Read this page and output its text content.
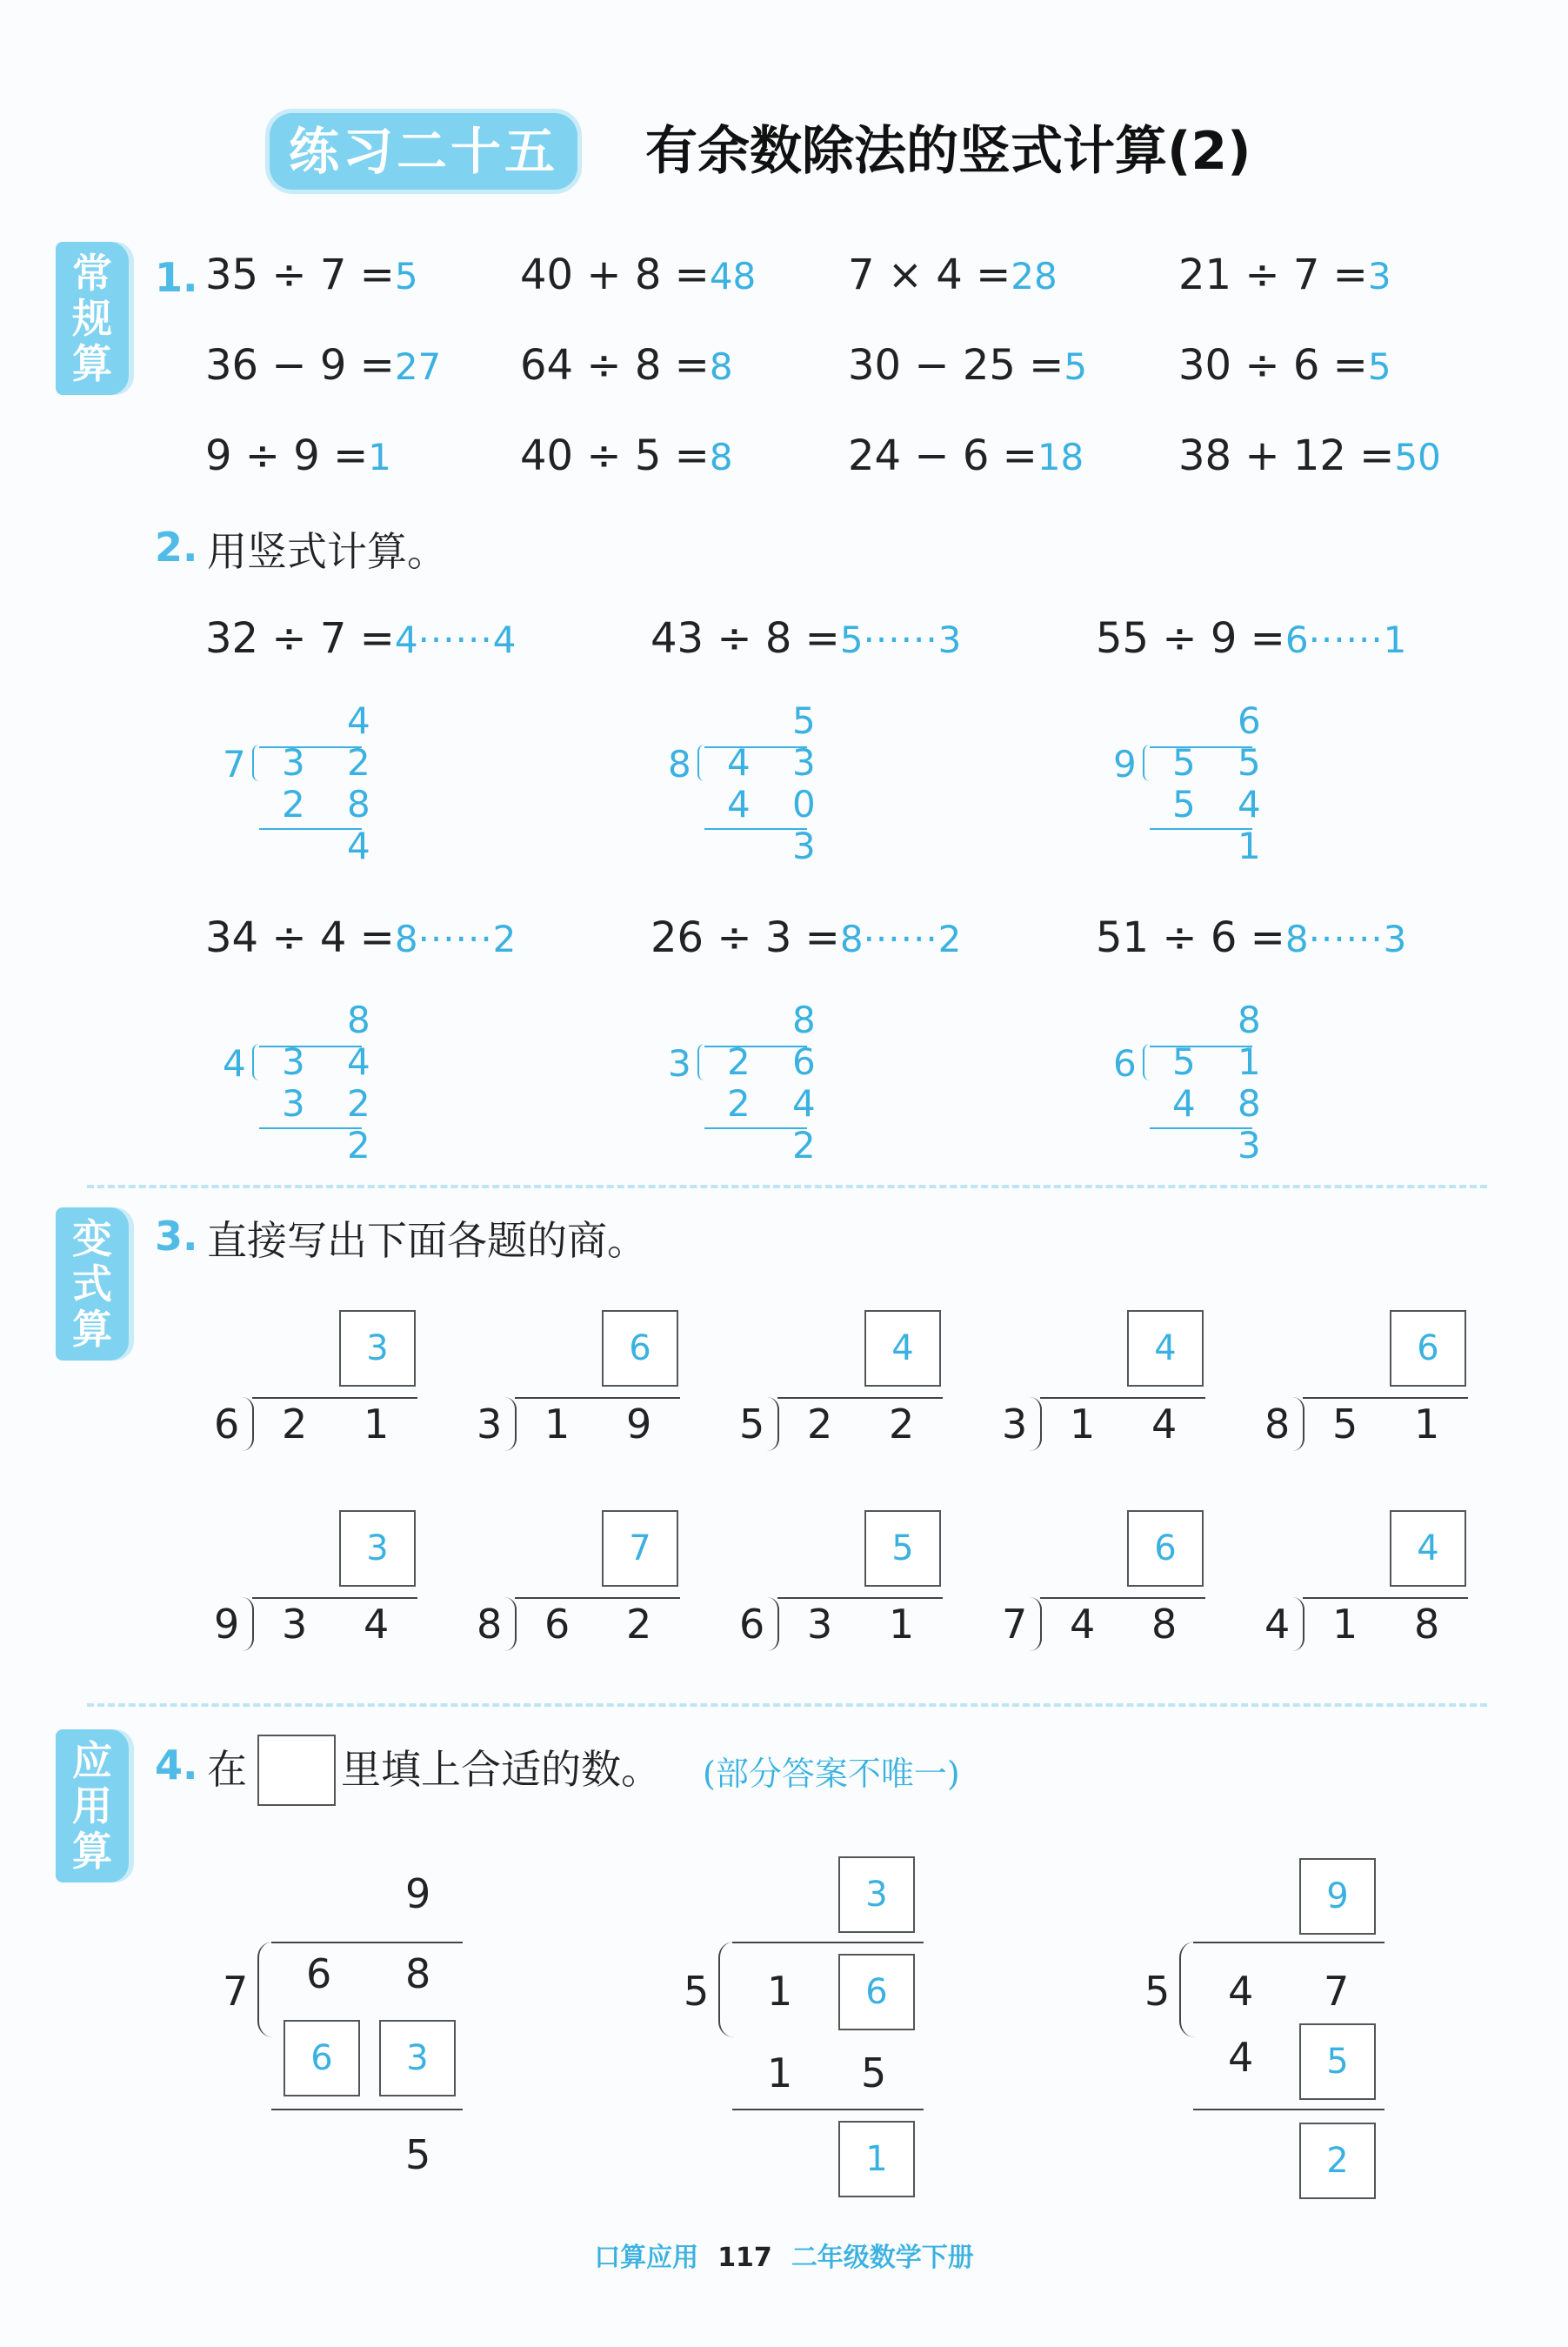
练习二十五	有余数除法的竖式计算(2)
常规算
变式算
应用算
1. 35 ÷ 7 =5 40 + 8 =48 7 × 4 =28	21 ÷ 7 =3
36 − 9 =27 64 ÷ 8 =8	30 − 25 =5 30 ÷ 6 =5
9 ÷ 9 =1	40 ÷ 5 =8	24 − 6 =18 38 + 12 =50
2. 用竖式计算。
32 ÷ 7 =4······4
4
7 3 2
2 8
4
43 ÷ 8 =5······3
5
8 4 3
4 0
3
55 ÷ 9 =6······1
6
9 5 5
5 4
1
34 ÷ 4 =8······2
8
4 3 4
3 2
2
26 ÷ 3 =8······2
8
3 2 6
2 4
2
51 ÷ 6 =8······3
8
6 5 1
4 8
3
3. 直接写出下面各题的商。
3
6 2 1
6
3 1 9
4
5 2 2
4
3 1 4
6
8 5 1
3
9 3 4
7
8 6 2
5
6 3 1
6
7 4 8
4
4 1 8
4. 在 里填上合适的数。 (部分答案不唯一)
9
7 6 8
6	3
5
3
5 1	6
1 5
1
9
5 4 7
4	5
2
口算应用 117 二年级数学下册
